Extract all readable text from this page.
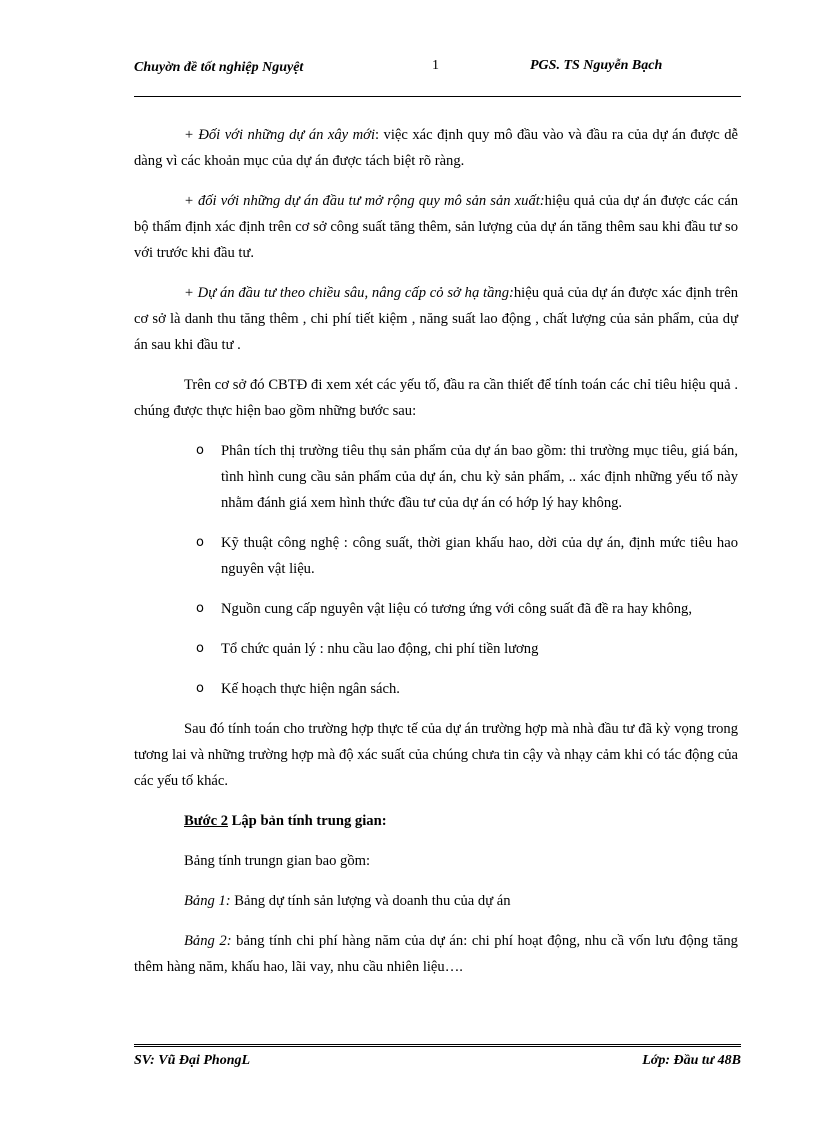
Chuyờn đề tốt nghiệp Nguyệt	1	PGS. TS Nguyễn Bạch

+ Đối với những dự án xây mới: việc xác định quy mô đầu vào và đầu ra của dự án được dễ dàng vì các khoản mục của dự án được tách biệt rõ ràng.

+ đối với những dự án đầu tư mở rộng quy mô sản sản xuất:hiệu quả của dự án được các cán bộ thẩm định xác định trên cơ sở công suất tăng thêm, sản lượng của dự án tăng thêm sau khi đầu tư so với trước khi đầu tư.

+ Dự án đầu tư theo chiều sâu, nâng cấp cỏ sở hạ tầng:hiệu quả của dự án được xác định trên cơ sở là danh thu tăng thêm , chi phí tiết kiệm , năng suất lao động , chất lượng của sản phẩm, của dự án sau khi đầu tư .

Trên cơ sở đó CBTĐ đi xem xét các yếu tố, đầu ra cần thiết để tính toán các chỉ tiêu hiệu quả . chúng được thực hiện bao gồm những bước sau:

o Phân tích thị trường tiêu thụ sản phẩm của dự án bao gồm: thi trường mục tiêu, giá bán, tình hình cung cầu sản phẩm của dự án, chu kỳ sản phẩm, .. xác định những yếu tố này nhằm đánh giá xem hình thức đầu tư của dự án có hớp lý hay không.
o Kỹ thuật công nghệ : công suất, thời gian khấu hao, dời của dự án, định mức tiêu hao nguyên vật liệu.
o Nguồn cung cấp nguyên vật liệu có tương ứng với công suất đã đề ra hay không,
o Tổ chức quản lý : nhu cầu lao động, chi phí tiền lương
o Kế hoạch thực hiện ngân sách.

Sau đó tính toán cho trường hợp thực tế của dự án trường hợp mà nhà đầu tư đã kỳ vọng trong tương lai và những trường hợp mà độ xác suất của chúng chưa tin cậy và nhạy cảm khi có tác động của các yếu tố khác.

Bước 2 Lập bản tính trung gian:

Bảng tính trungn gian bao gồm:

Bảng 1: Bảng dự tính sản lượng và doanh thu của dự án

Bảng 2: bảng tính chi phí hàng năm của dự án: chi phí hoạt động, nhu cầ vốn lưu động tăng thêm hàng năm, khấu hao, lãi vay, nhu cầu nhiên liệu….

SV: Vũ Đại PhongL	Lớp: Đầu tư 48B
